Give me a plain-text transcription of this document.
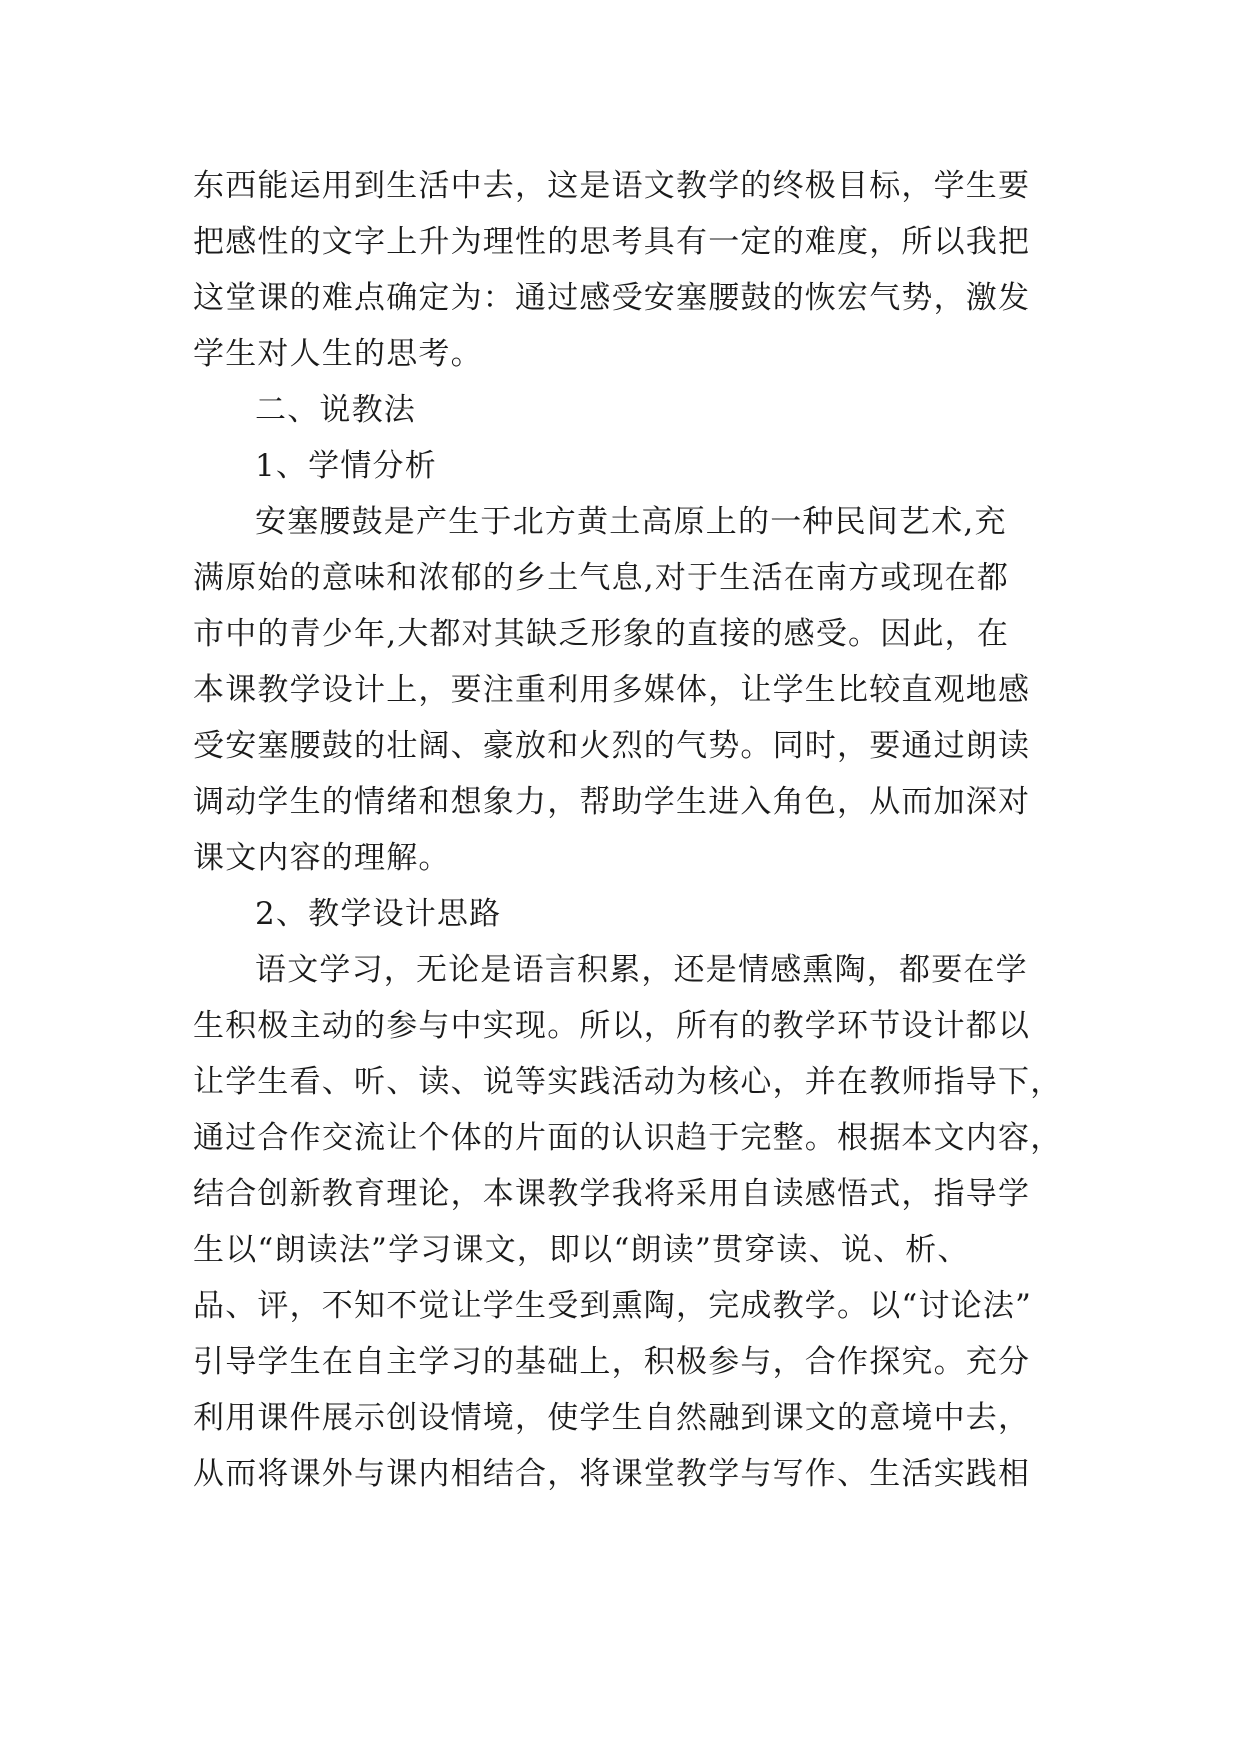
东西能运用到生活中去，这是语文教学的终极目标，学生要
把感性的文字上升为理性的思考具有一定的难度，所以我把
这堂课的难点确定为：通过感受安塞腰鼓的恢宏气势，激发
学生对人生的思考。
二、说教法
1、学情分析
安塞腰鼓是产生于北方黄土高原上的一种民间艺术,充
满原始的意味和浓郁的乡土气息,对于生活在南方或现在都
市中的青少年,大都对其缺乏形象的直接的感受。因此，在
本课教学设计上，要注重利用多媒体，让学生比较直观地感
受安塞腰鼓的壮阔、豪放和火烈的气势。同时，要通过朗读
调动学生的情绪和想象力，帮助学生进入角色，从而加深对
课文内容的理解。
2、教学设计思路
语文学习，无论是语言积累，还是情感熏陶，都要在学
生积极主动的参与中实现。所以，所有的教学环节设计都以
让学生看、听、读、说等实践活动为核心，并在教师指导下，
通过合作交流让个体的片面的认识趋于完整。根据本文内容，
结合创新教育理论，本课教学我将采用自读感悟式，指导学
生以“朗读法”学习课文，即以“朗读”贯穿读、说、析、
品、评，不知不觉让学生受到熏陶，完成教学。以“讨论法”
引导学生在自主学习的基础上，积极参与，合作探究。充分
利用课件展示创设情境，使学生自然融到课文的意境中去，
从而将课外与课内相结合，将课堂教学与写作、生活实践相
